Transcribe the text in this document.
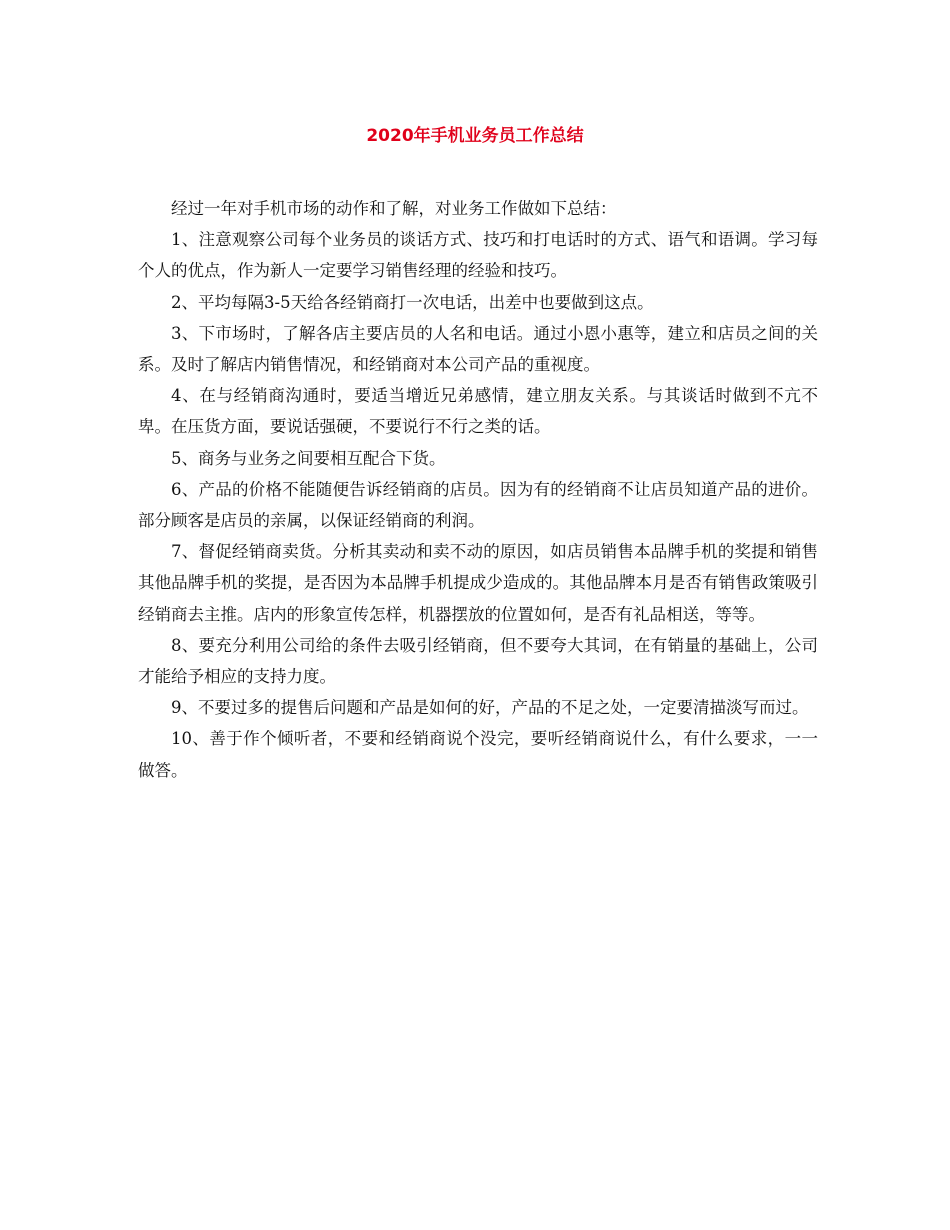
2020年手机业务员工作总结

经过一年对手机市场的动作和了解，对业务工作做如下总结：

1、注意观察公司每个业务员的谈话方式、技巧和打电话时的方式、语气和语调。学习每个人的优点，作为新人一定要学习销售经理的经验和技巧。

2、平均每隔3-5天给各经销商打一次电话，出差中也要做到这点。

3、下市场时，了解各店主要店员的人名和电话。通过小恩小惠等，建立和店员之间的关系。及时了解店内销售情况，和经销商对本公司产品的重视度。

4、在与经销商沟通时，要适当增近兄弟感情，建立朋友关系。与其谈话时做到不亢不卑。在压货方面，要说话强硬，不要说行不行之类的话。

5、商务与业务之间要相互配合下货。

6、产品的价格不能随便告诉经销商的店员。因为有的经销商不让店员知道产品的进价。部分顾客是店员的亲属，以保证经销商的利润。

7、督促经销商卖货。分析其卖动和卖不动的原因，如店员销售本品牌手机的奖提和销售其他品牌手机的奖提，是否因为本品牌手机提成少造成的。其他品牌本月是否有销售政策吸引经销商去主推。店内的形象宣传怎样，机器摆放的位置如何，是否有礼品相送，等等。

8、要充分利用公司给的条件去吸引经销商，但不要夸大其词，在有销量的基础上，公司才能给予相应的支持力度。

9、不要过多的提售后问题和产品是如何的好，产品的不足之处，一定要清描淡写而过。

10、善于作个倾听者，不要和经销商说个没完，要听经销商说什么，有什么要求，一一做答。
